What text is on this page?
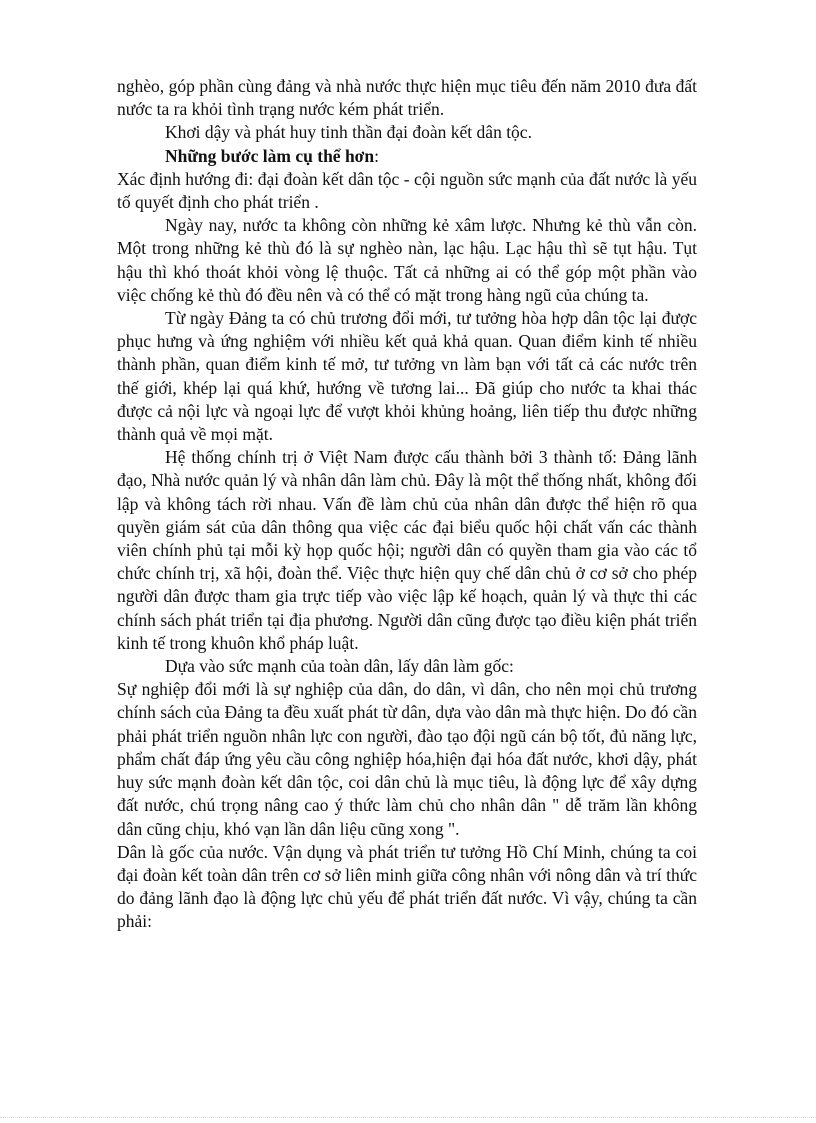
nghèo, góp phần cùng đảng và nhà nước thực hiện mục tiêu đến năm 2010 đưa đất nước ta ra khỏi tình trạng nước kém phát triển.

Khơi dậy và phát huy tinh thần đại đoàn kết dân tộc.

Những bước làm cụ thể hơn:

Xác định hướng đi: đại đoàn kết dân tộc - cội nguồn sức mạnh của đất nước là yếu tố quyết định cho phát triển .

Ngày nay, nước ta không còn những kẻ xâm lược. Nhưng kẻ thù vẫn còn. Một trong những kẻ thù đó là sự nghèo nàn, lạc hậu. Lạc hậu thì sẽ tụt hậu. Tụt hậu thì khó thoát khỏi vòng lệ thuộc. Tất cả những ai có thể góp một phần vào việc chống kẻ thù đó đều nên và có thể có mặt trong hàng ngũ của chúng ta.

Từ ngày Đảng ta có chủ trương đổi mới, tư tưởng hòa hợp dân tộc lại được phục hưng và ứng nghiệm với nhiều kết quả khả quan. Quan điểm kinh tế nhiều thành phần, quan điểm kinh tế mở, tư tưởng vn làm bạn với tất cả các nước trên thế giới, khép lại quá khứ, hướng về tương lai... Đã giúp cho nước ta khai thác được cả nội lực và ngoại lực để vượt khỏi khủng hoảng, liên tiếp thu được những thành quả về mọi mặt.

Hệ thống chính trị ở Việt Nam được cấu thành bởi 3 thành tố: Đảng lãnh đạo, Nhà nước quản lý và nhân dân làm chủ. Đây là một thể thống nhất, không đối lập và không tách rời nhau. Vấn đề làm chủ của nhân dân được thể hiện rõ qua quyền giám sát của dân thông qua việc các đại biểu quốc hội chất vấn các thành viên chính phủ tại mỗi kỳ họp quốc hội; người dân có quyền tham gia vào các tổ chức chính trị, xã hội, đoàn thể. Việc thực hiện quy chế dân chủ ở cơ sở cho phép người dân được tham gia trực tiếp vào việc lập kế hoạch, quản lý và thực thi các chính sách phát triển tại địa phương. Người dân cũng được tạo điều kiện phát triển kinh tế trong khuôn khổ pháp luật.

Dựa vào sức mạnh của toàn dân, lấy dân làm gốc:

Sự nghiệp đổi mới là sự nghiệp của dân, do dân, vì dân, cho nên mọi chủ trương chính sách của Đảng ta đều xuất phát từ dân, dựa vào dân mà thực hiện. Do đó cần phải phát triển nguồn nhân lực con người, đào tạo đội ngũ cán bộ tốt, đủ năng lực, phẩm chất đáp ứng yêu cầu công nghiệp hóa,hiện đại hóa đất nước, khơi dậy, phát huy sức mạnh đoàn kết dân tộc, coi dân chủ là mục tiêu, là động lực để xây dựng đất nước, chú trọng nâng cao ý thức làm chủ cho nhân dân " dễ trăm lần không dân cũng chịu, khó vạn lần dân liệu cũng xong ".

Dân là gốc của nước. Vận dụng và phát triển tư tưởng Hồ Chí Minh, chúng ta coi đại đoàn kết toàn dân trên cơ sở liên minh giữa công nhân với nông dân và trí thức do đảng lãnh đạo là động lực chủ yếu để phát triển đất nước. Vì vậy, chúng ta cần phải:
